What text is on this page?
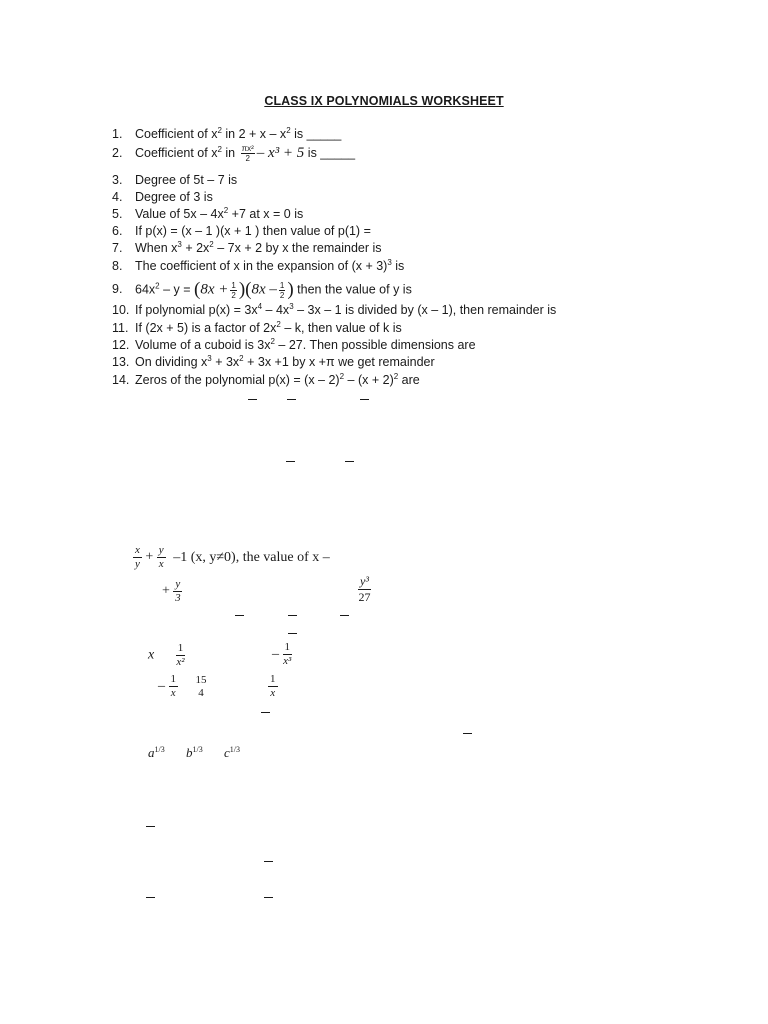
CLASS IX POLYNOMIALS WORKSHEET
1. Coefficient of $x^2$ in $2 + x - x^2$ is _____
2. Coefficient of $x^2$ in $\frac{\text{πx²}}{2} - x^3 + 5$ is _____
3. Degree of 5t – 7 is
4. Degree of 3 is
5. Value of $5x - 4x^2 +7$ at x = 0 is
6. If p(x) = (x – 1 )(x + 1 ) then value of p(1) =
7. When $x^3 + 2x^2 - 7x + 2$ by x the remainder is
8. The coefficient of x in the expansion of $(x + 3)^3$ is
9. $64x^2 - y = (8x + \frac{1}{2} )(8x - \frac{1}{2}$ ) then the value of y is
10. If polynomial $p(x) = 3x^4 - 4x^3 - 3x - 1$ is divided by (x – 1), then remainder is
11. If (2x + 5) is a factor of $2x^2$ – k, then value of k is
12. Volume of a cuboid is $3x^2 - 27$. Then possible dimensions are
13. On dividing $x^3 + 3x^2 + 3x +1$ by x +π we get remainder
14. Zeros of the polynomial $p(x) = (x - 2)^2 - (x + 2)^2$ are
$\frac{x}{y} + \frac{y}{x} -1$ (x, y≠0), the value of x –
+ $\frac{y}{3}$	$\frac{\text{y³}}{27}$
x $\frac{1}{\text{x²}}$	– $\frac{1}{\text{x³}}$
– $\frac{1}{x}$
15
4	$\frac{1}{x}$
$a^{1/3}$ $b^{1/3}$ $c^{1/3}$
